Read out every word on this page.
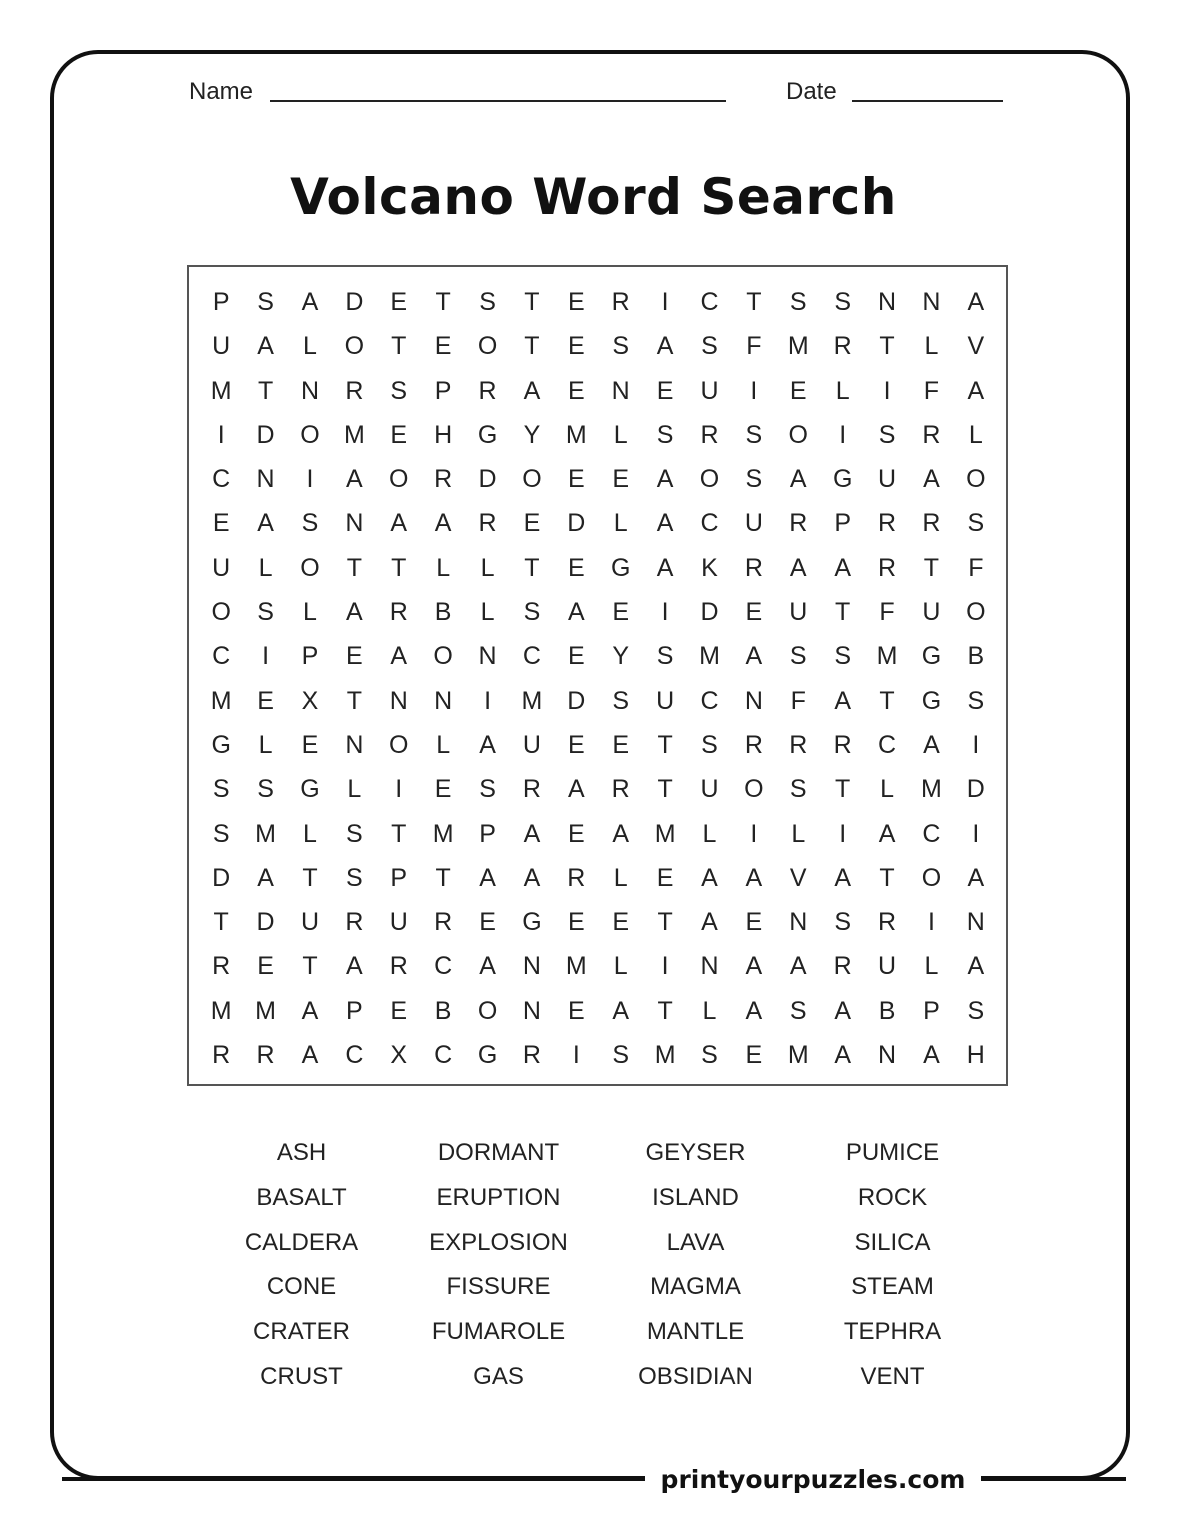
Name	Date
Volcano Word Search
P	S	A	D	E	T	S	T	E	R	I	C	T	S	S	N	N	A
U	A	L	O	T	E	O	T	E	S	A	S	F	M R	T	L	V
M	T	N	R	S	P	R	A	E	N	E	U	I	E	L	I	F	A
I	D	O M	E	H	G	Y	M	L	S	R	S	O	I	S	R	L
C	N	I	A	O	R	D	O	E	E	A	O	S	A	G	U	A	O
E	A	S	N	A	A	R	E	D	L	A	C	U	R	P	R	R	S
U	L	O	T	T	L	L	T	E	G	A	K	R	A	A	R	T	F
O	S	L	A	R	B	L	S	A	E	I	D	E	U	T	F	U	O
C	I	P	E	A	O	N	C	E	Y	S	M	A	S	S	M G	B
M	E	X	T	N	N	I	M D	S	U	C	N	F	A	T	G	S
G	L	E	N	O	L	A	U	E	E	T	S	R	R	R	C	A	I
S	S	G	L	I	E	S	R	A	R	T	U	O	S	T	L	M D
S	M	L	S	T	M	P	A	E	A	M	L	I	L	I	A	C	I
D	A	T	S	P	T	A	A	R	L	E	A	A	V	A	T	O	A
T	D	U	R	U	R	E	G	E	E	T	A	E	N	S	R	I	N
R	E	T	A	R	C	A	N M	L	I	N	A	A	R	U	L	A
M M	A	P	E	B	O	N	E	A	T	L	A	S	A	B	P	S
R	R	A	C	X	C	G	R	I	S	M	S	E	M	A	N	A	H
ASH
BASALT
CALDERA
CONE
CRATER
CRUST
DORMANT
ERUPTION
EXPLOSION
FISSURE
FUMAROLE
GAS
GEYSER
ISLAND
LAVA
MAGMA
MANTLE
OBSIDIAN
PUMICE
ROCK
SILICA
STEAM
TEPHRA
VENT
printyourpuzzles.com
